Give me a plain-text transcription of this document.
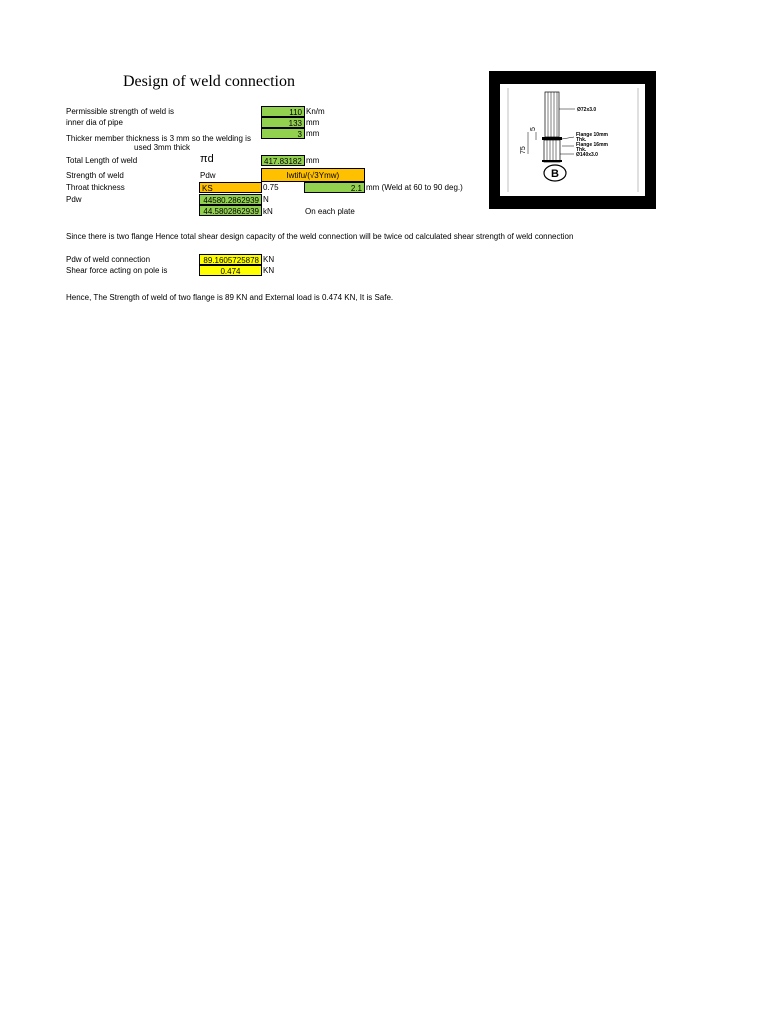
Design of weld connection
Permissible strength of weld is	110 Kn/m
inner dia of pipe	133 mm
Thicker member thickness is 3 mm so the welding is
used 3mm thick
3 mm
Total Length of weld	πd	417.83182 mm
Strength of weld	Pdw	lwtifu/(√3Ymw)
Throat thickness	KS	0.75	2.1 mm (Weld at 60 to 90 deg.)
Pdw	44580.2862939 N
44.5802862939 kN	On each plate
Since there is two flange Hence total shear design capacity of the weld connection will be twice od calculated shear strength of weld connection
Pdw of weld connection	89.1605725878 KN
Shear force acting on pole is	0.474	KN
Hence, The Strength of weld of two flange is 89 KN and External load is 0.474 KN, It is Safe.
75
5
Ø72x3.0
Flange 10mm
Thk.
Flange 16mm
Thk.
Ø140x3.0
B
